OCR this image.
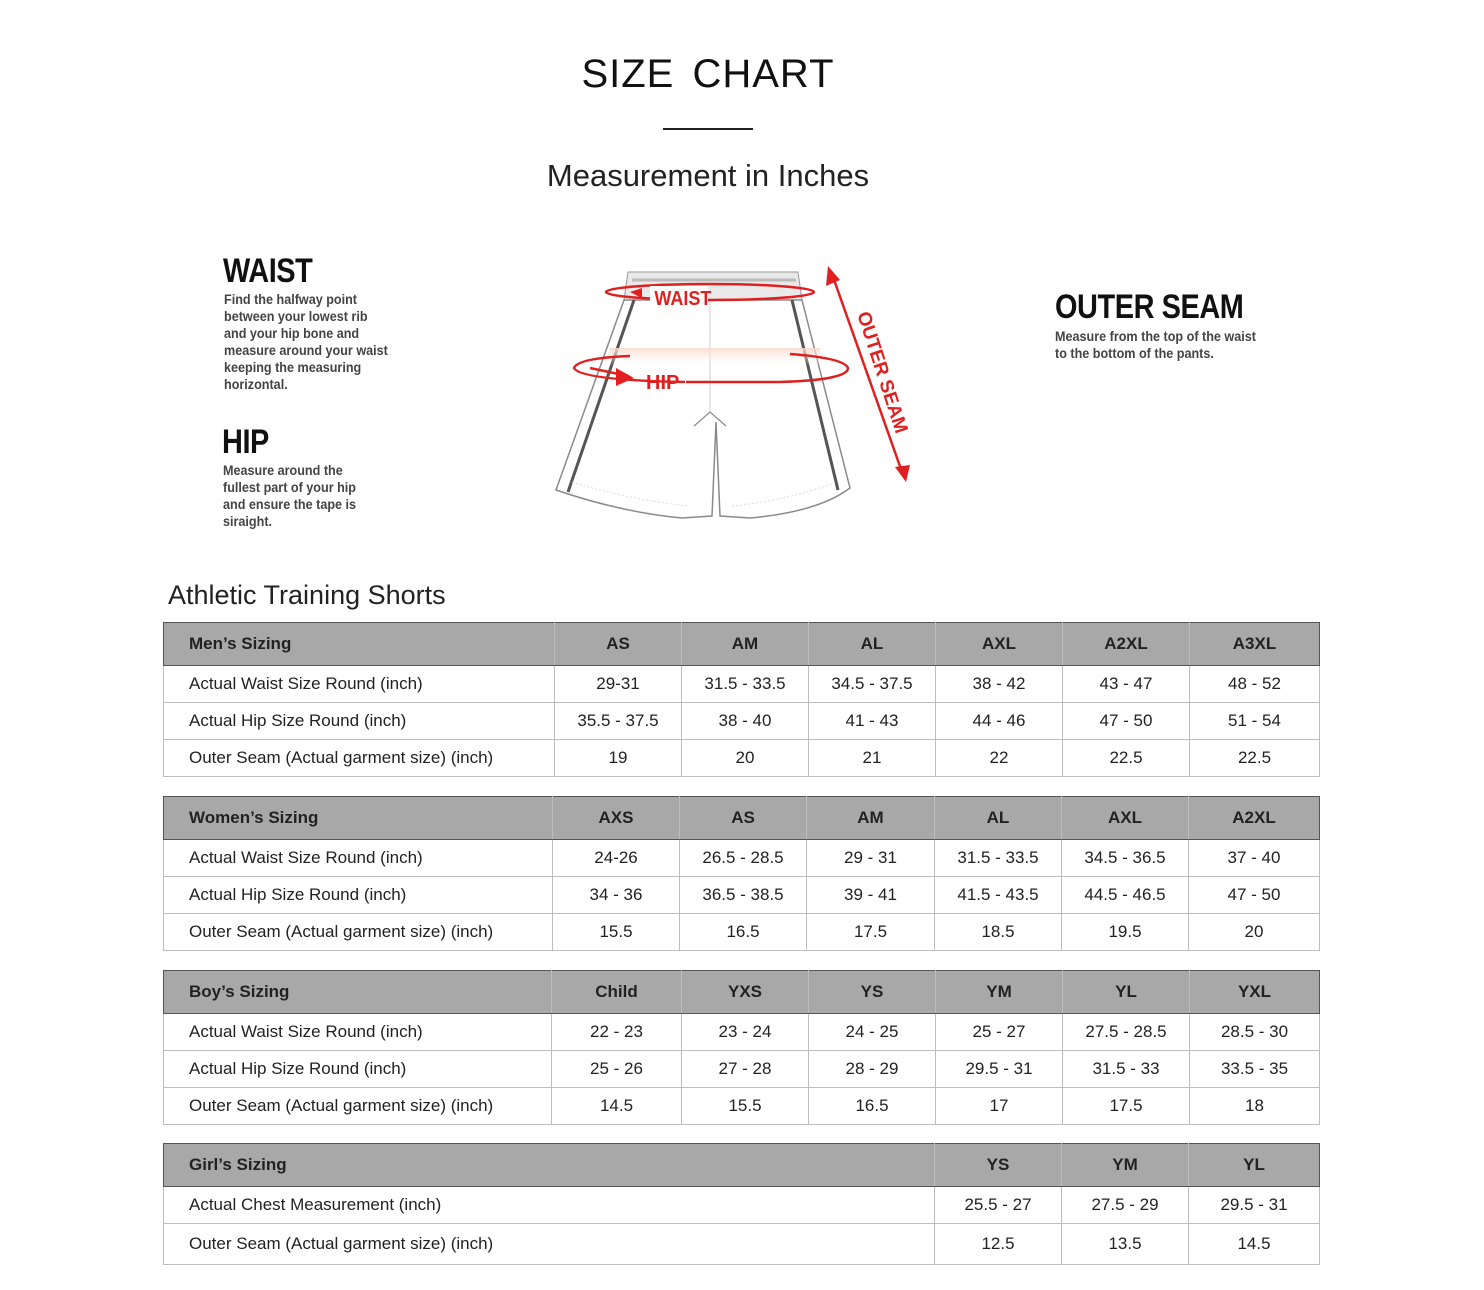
SIZE CHART
Measurement in Inches
WAIST
Find the halfway point
between your lowest rib
and your hip bone and
measure around your waist
keeping the measuring
horizontal.
HIP
Measure around the
fullest part of your hip
and ensure the tape is
siraight.
OUTER SEAM
Measure from the top of the waist
to the bottom of the pants.
WAIST
HIP	OUTER SEAM
Athletic Training Shorts
Men’s Sizing	AS	AM	AL	AXL	A2XL	A3XL
Actual Waist Size Round (inch)	29-31	31.5 - 33.5	34.5 - 37.5	38 - 42	43 - 47	48 - 52
Actual Hip Size Round (inch)	35.5 - 37.5	38 - 40	41 - 43	44 - 46	47 - 50	51 - 54
Outer Seam (Actual garment size) (inch)	19	20	21	22	22.5	22.5
Women’s Sizing	AXS	AS	AM	AL	AXL	A2XL
Actual Waist Size Round (inch)	24-26	26.5 - 28.5	29 - 31	31.5 - 33.5	34.5 - 36.5	37 - 40
Actual Hip Size Round (inch)	34 - 36	36.5 - 38.5	39 - 41	41.5 - 43.5	44.5 - 46.5	47 - 50
Outer Seam (Actual garment size) (inch)	15.5	16.5	17.5	18.5	19.5	20
Boy’s Sizing	Child	YXS	YS	YM	YL	YXL
Actual Waist Size Round (inch)	22 - 23	23 - 24	24 - 25	25 - 27	27.5 - 28.5	28.5 - 30
Actual Hip Size Round (inch)	25 - 26	27 - 28	28 - 29	29.5 - 31	31.5 - 33	33.5 - 35
Outer Seam (Actual garment size) (inch)	14.5	15.5	16.5	17	17.5	18
Girl’s Sizing	YS	YM	YL
Actual Chest Measurement (inch)	25.5 - 27	27.5 - 29	29.5 - 31
Outer Seam (Actual garment size) (inch)	12.5	13.5	14.5
